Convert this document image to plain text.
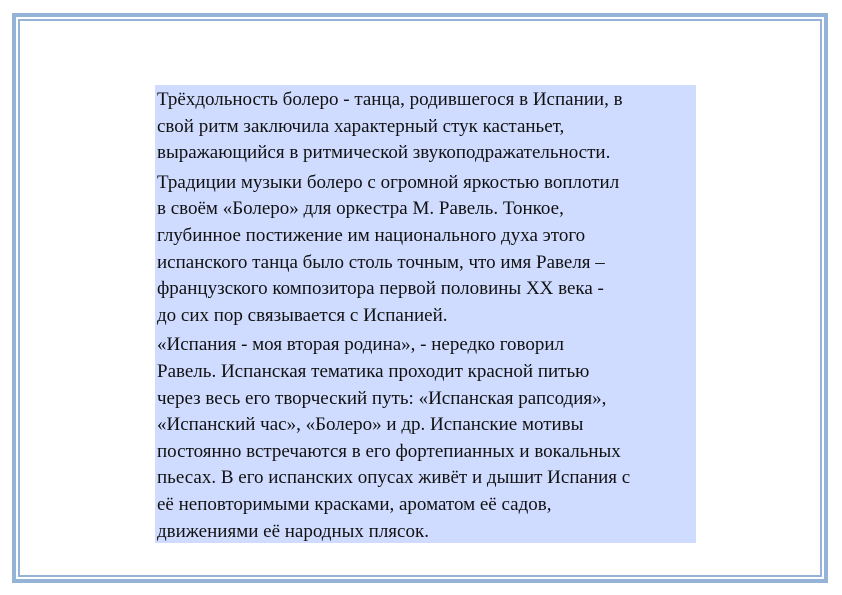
Трёхдольность болеро - танца, родившегося в Испании, в
свой ритм заключила характерный стук кастаньет,
выражающийся в ритмической звукоподражательности.

Традиции музыки болеро с огромной яркостью воплотил
в своём «Болеро» для оркестра М. Равель. Тонкое,
глубинное постижение им национального духа этого
испанского танца было столь точным, что имя Равеля –
французского композитора первой половины XX века -
до сих пор связывается с Испанией.

«Испания - моя вторая родина», - нередко говорил
Равель. Испанская тематика проходит красной питью
через весь его творческий путь: «Испанская рапсодия»,
«Испанский час», «Болеро» и др. Испанские мотивы
постоянно встречаются в его фортепианных и вокальных
пьесах. В его испанских опусах живёт и дышит Испания с
её неповторимыми красками, ароматом её садов,
движениями её народных плясок.
